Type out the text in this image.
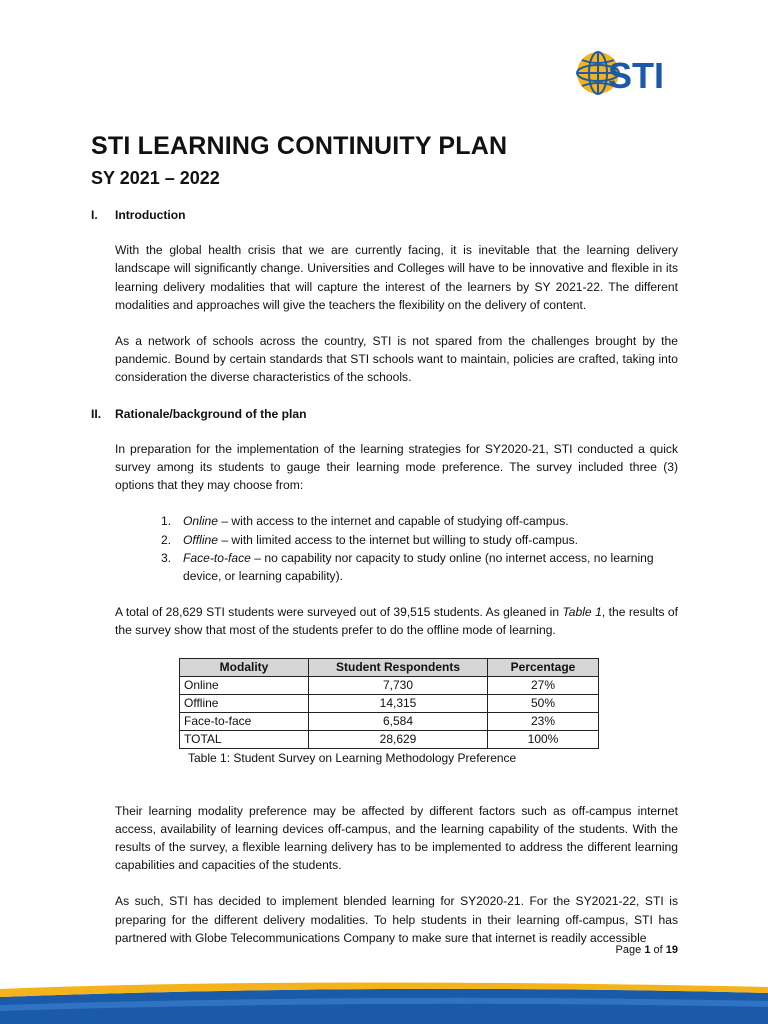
STI
STI LEARNING CONTINUITY PLAN
SY 2021 – 2022
I.	Introduction

With the global health crisis that we are currently facing, it is inevitable that the learning delivery landscape will significantly change. Universities and Colleges will have to be innovative and flexible in its learning delivery modalities that will capture the interest of the learners by SY 2021-22. The different modalities and approaches will give the teachers the flexibility on the delivery of content.

As a network of schools across the country, STI is not spared from the challenges brought by the pandemic. Bound by certain standards that STI schools want to maintain, policies are crafted, taking into consideration the diverse characteristics of the schools.

II.	Rationale/background of the plan

In preparation for the implementation of the learning strategies for SY2020-21, STI conducted a quick survey among its students to gauge their learning mode preference. The survey included three (3) options that they may choose from:

1. Online – with access to the internet and capable of studying off-campus.
2. Offline – with limited access to the internet but willing to study off-campus.
3. Face-to-face – no capability nor capacity to study online (no internet access, no learning device, or learning capability).

A total of 28,629 STI students were surveyed out of 39,515 students. As gleaned in Table 1, the results of the survey show that most of the students prefer to do the offline mode of learning.

Modality	Student Respondents	Percentage
Online	7,730	27%
Offline	14,315	50%
Face-to-face	6,584	23%
TOTAL	28,629	100%

Table 1: Student Survey on Learning Methodology Preference

Their learning modality preference may be affected by different factors such as off-campus internet access, availability of learning devices off-campus, and the learning capability of the students. With the results of the survey, a flexible learning delivery has to be implemented to address the different learning capabilities and capacities of the students.

As such, STI has decided to implement blended learning for SY2020-21. For the SY2021-22, STI is preparing for the different delivery modalities. To help students in their learning off-campus, STI has partnered with Globe Telecommunications Company to make sure that internet is readily accessible

Page 1 of 19
